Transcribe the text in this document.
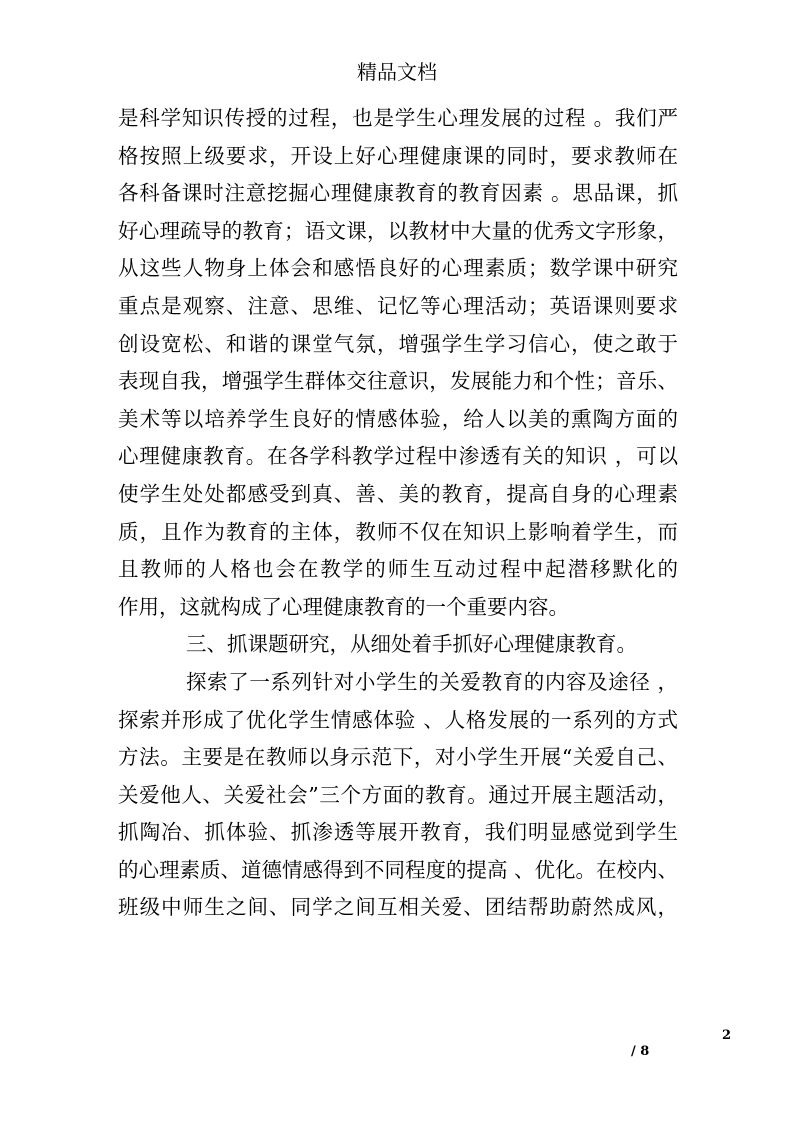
精品文档
是科学知识传授的过程，也是学生心理发展的过程 。我们严
格按照上级要求，开设上好心理健康课的同时，要求教师在
各科备课时注意挖掘心理健康教育的教育因素 。思品课，抓
好心理疏导的教育；语文课，以教材中大量的优秀文字形象，
从这些人物身上体会和感悟良好的心理素质；数学课中研究
重点是观察、注意、思维、记忆等心理活动；英语课则要求
创设宽松、和谐的课堂气氛，增强学生学习信心，使之敢于
表现自我，增强学生群体交往意识，发展能力和个性；音乐、
美术等以培养学生良好的情感体验，给人以美的熏陶方面的
心理健康教育。在各学科教学过程中渗透有关的知识 ，可以
使学生处处都感受到真、善、美的教育，提高自身的心理素
质，且作为教育的主体，教师不仅在知识上影响着学生，而
且教师的人格也会在教学的师生互动过程中起潜移默化的
作用，这就构成了心理健康教育的一个重要内容。
三、抓课题研究，从细处着手抓好心理健康教育。
探索了一系列针对小学生的关爱教育的内容及途径 ，
探索并形成了优化学生情感体验 、人格发展的一系列的方式
方法。主要是在教师以身示范下，对小学生开展“关爱自己、
关爱他人、关爱社会”三个方面的教育。通过开展主题活动，
抓陶冶、抓体验、抓渗透等展开教育，我们明显感觉到学生
的心理素质、道德情感得到不同程度的提高 、优化。在校内、
班级中师生之间、同学之间互相关爱、团结帮助蔚然成风，
2
/ 8
